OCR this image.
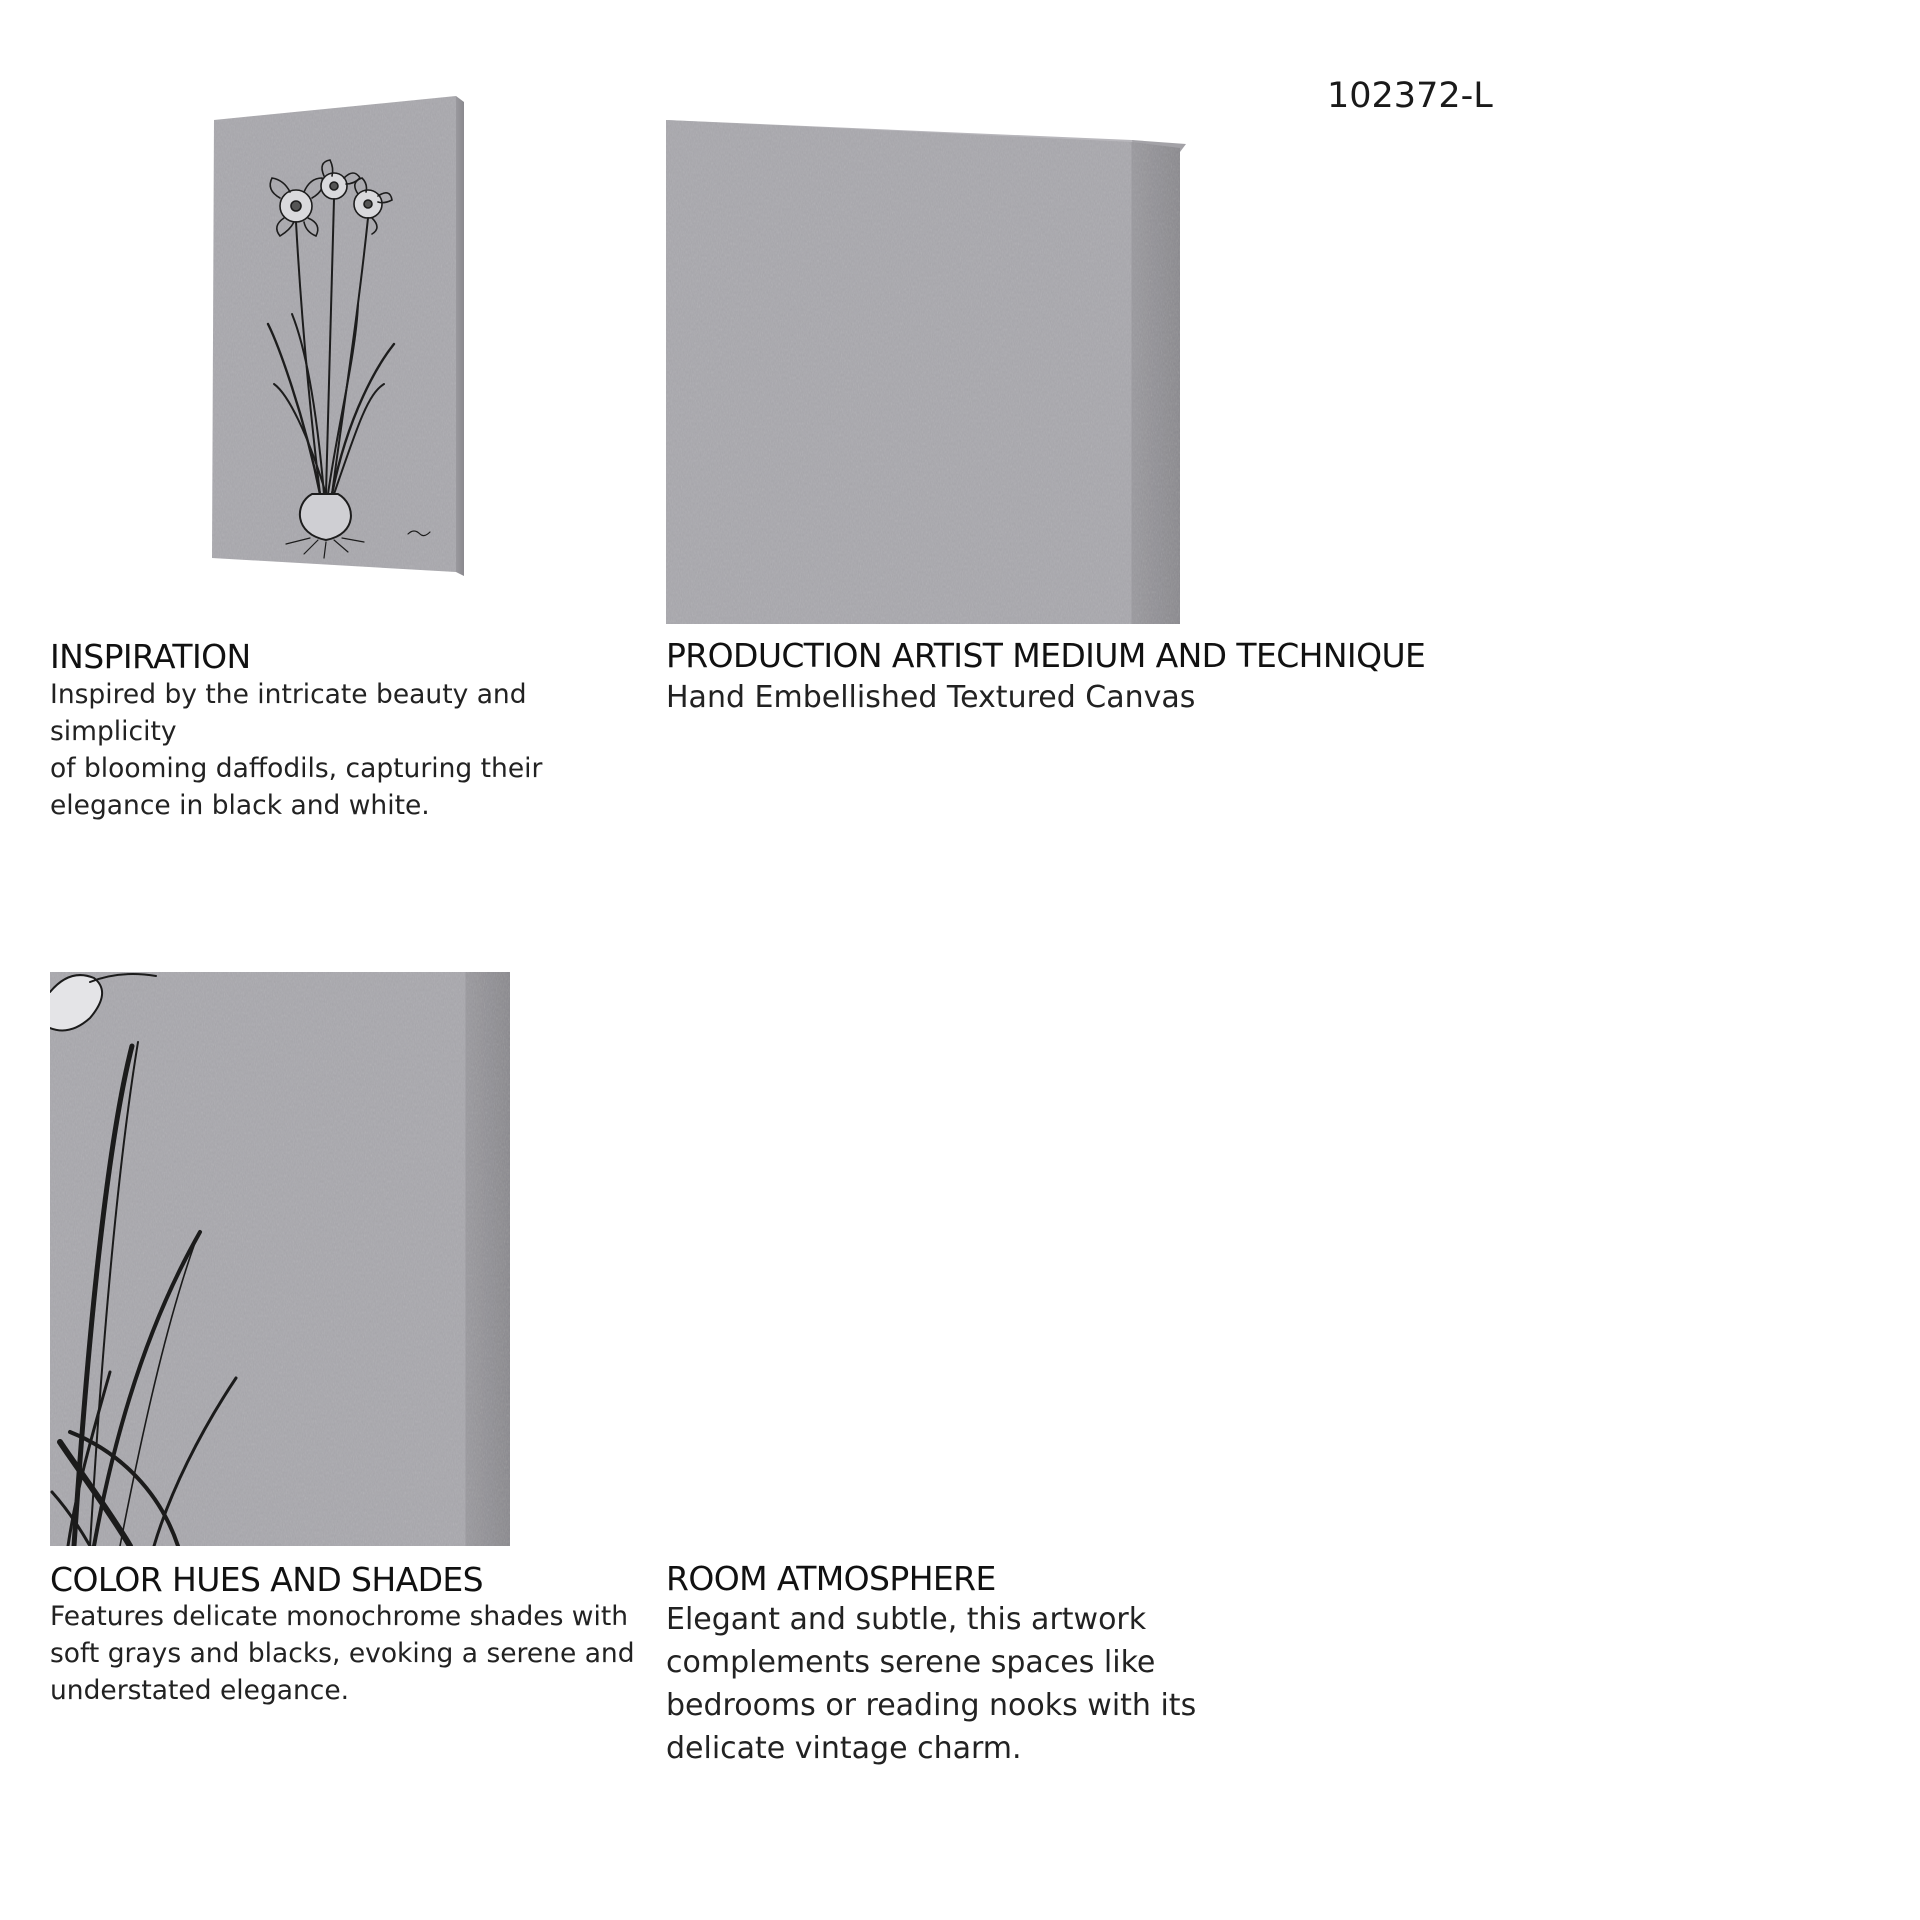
102372-L
INSPIRATION
Inspired by the intricate beauty and simplicity
of blooming daffodils, capturing their
elegance in black and white.
PRODUCTION ARTIST MEDIUM AND TECHNIQUE
Hand Embellished Textured Canvas
COLOR HUES AND SHADES
Features delicate monochrome shades with
soft grays and blacks, evoking a serene and
understated elegance.
ROOM ATMOSPHERE
Elegant and subtle, this artwork
complements serene spaces like
bedrooms or reading nooks with its
delicate vintage charm.
